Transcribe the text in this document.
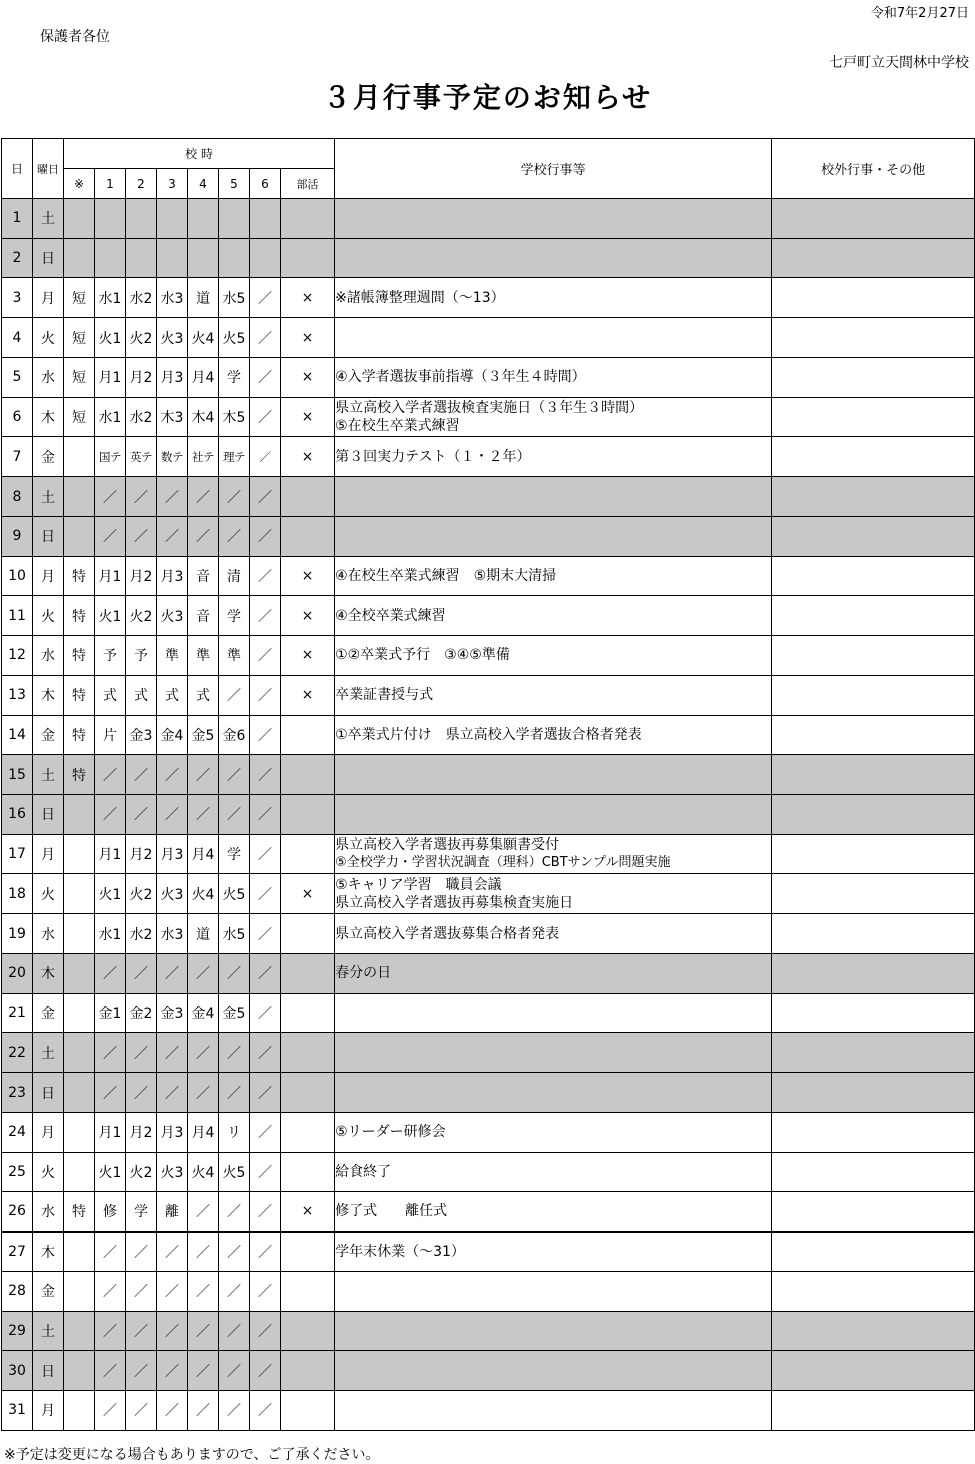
令和7年2月27日
保護者各位
七戸町立天間林中学校
３月行事予定のお知らせ
日	曜日	校 時								学校行事等	校外行事・その他
		※	1	2	3	4	5	6	部活		
1	土										
2	日										
3	月	短	水1	水2	水3	道	水5	／	×	※諸帳簿整理週間（～13）	

4	火	短	火1	火2	火3	火4	火5	／	×		
5	水	短	月1	月2	月3	月4	学	／	×	④入学者選抜事前指導（３年生４時間）	

6	木	短	水1	水2	木3	木4	木5	／	×	県立高校入学者選抜検査実施日（３年生３時間）
⑤在校生卒業式練習	

7	金		国テ	英テ	数テ	社テ	理テ	／	×	第３回実力テスト（１・２年）	

8	土		／	／	／	／	／	／			
9	日		／	／	／	／	／	／			
10	月	特	月1	月2	月3	音	清	／	×	④在校生卒業式練習　⑤期末大清掃	

11	火	特	火1	火2	火3	音	学	／	×	④全校卒業式練習	

12	水	特	予	予	準	準	準	／	×	①②卒業式予行　③④⑤準備	

13	木	特	式	式	式	式	／	／	×	卒業証書授与式	

14	金	特	片	金3	金4	金5	金6	／		①卒業式片付け　県立高校入学者選抜合格者発表	

15	土	特	／	／	／	／	／	／			
16	日		／	／	／	／	／	／			
17	月		月1	月2	月3	月4	学	／		県立高校入学者選抜再募集願書受付
⑤全校学力・学習状況調査（理科）CBTサンプル問題実施	

18	火		火1	火2	火3	火4	火5	／	×	⑤キャリア学習　職員会議
県立高校入学者選抜再募集検査実施日	

19	水		水1	水2	水3	道	水5	／		県立高校入学者選抜募集合格者発表	

20	木		／	／	／	／	／	／		春分の日	

21	金		金1	金2	金3	金4	金5	／			
22	土		／	／	／	／	／	／			
23	日		／	／	／	／	／	／			
24	月		月1	月2	月3	月4	リ	／		⑤リーダー研修会	

25	火		火1	火2	火3	火4	火5	／		給食終了	

26	水	特	修	学	離	／	／	／	×	修了式　　離任式	

27	木		／	／	／	／	／	／		学年末休業（～31）	

28	金		／	／	／	／	／	／			
29	土		／	／	／	／	／	／			
30	日		／	／	／	／	／	／			
31	月		／	／	／	／	／	／			
※予定は変更になる場合もありますので、ご了承ください。
